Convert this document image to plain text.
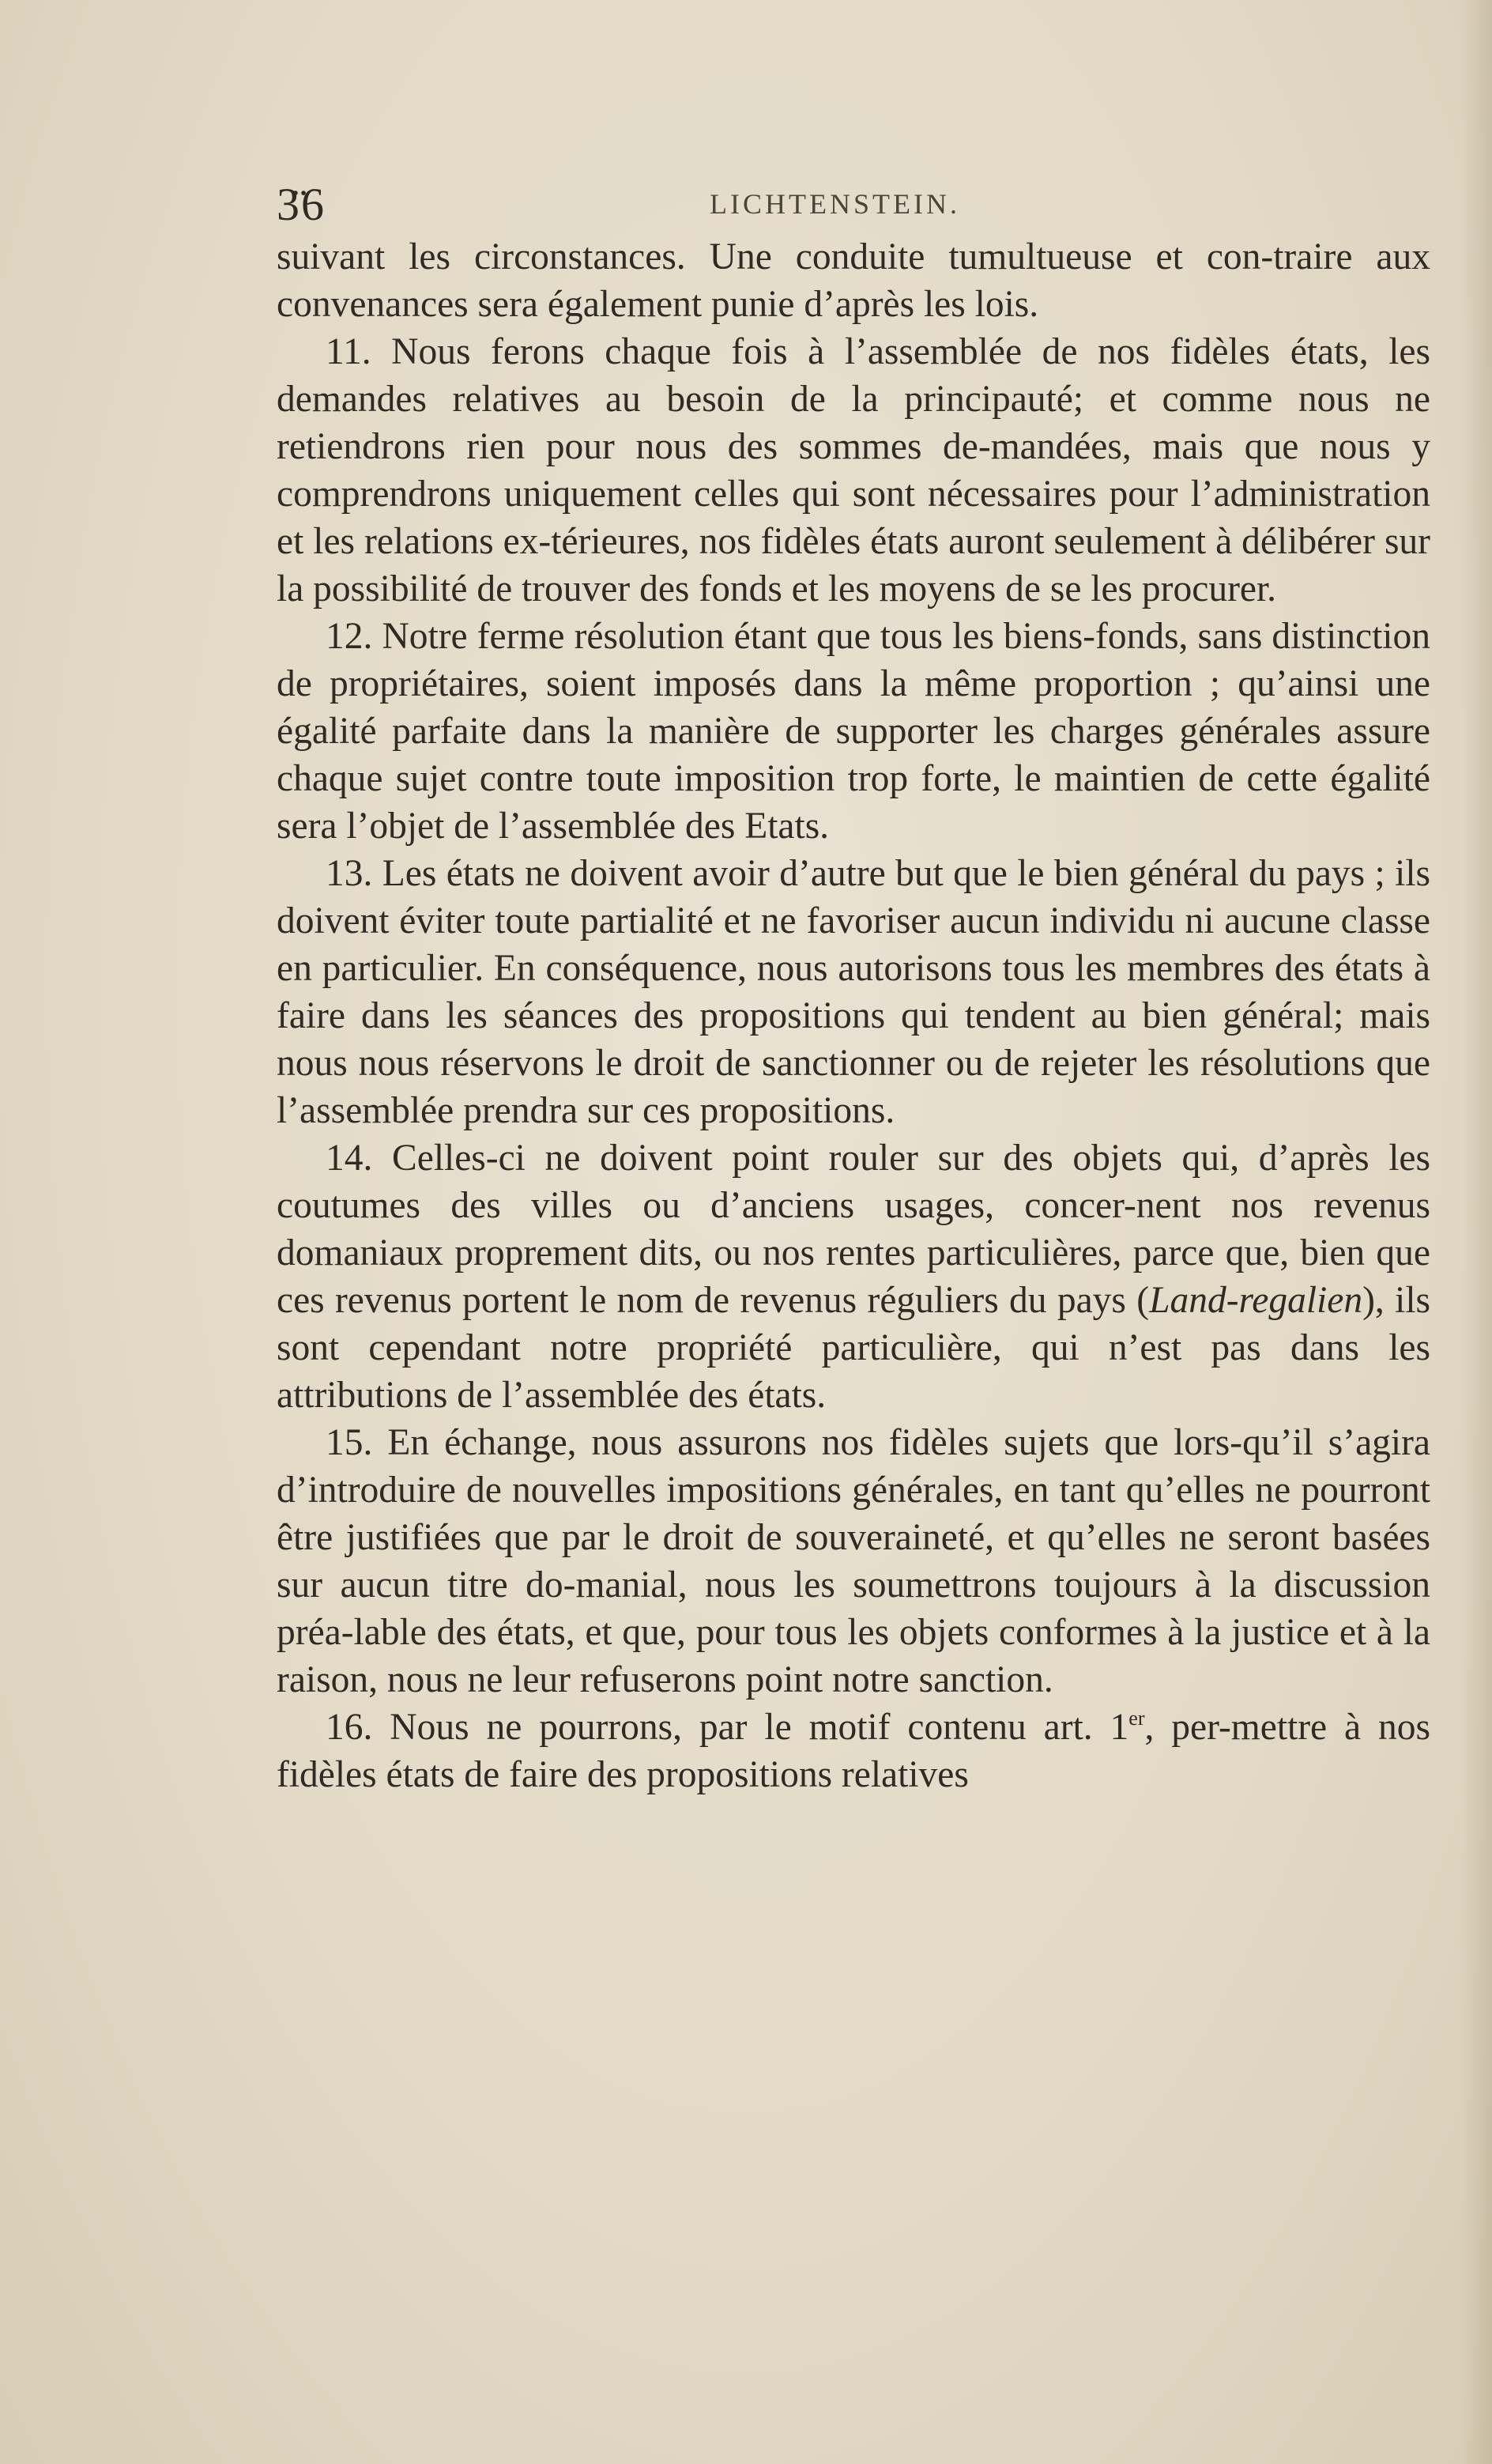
3̈6	LICHTENSTEIN.

suivant les circonstances. Une conduite tumultueuse et con-traire aux convenances sera également punie d’après les lois.

11. Nous ferons chaque fois à l’assemblée de nos fidèles états, les demandes relatives au besoin de la principauté; et comme nous ne retiendrons rien pour nous des sommes de-mandées, mais que nous y comprendrons uniquement celles qui sont nécessaires pour l’administration et les relations ex-térieures, nos fidèles états auront seulement à délibérer sur la possibilité de trouver des fonds et les moyens de se les procurer.

12. Notre ferme résolution étant que tous les biens-fonds, sans distinction de propriétaires, soient imposés dans la même proportion ; qu’ainsi une égalité parfaite dans la manière de supporter les charges générales assure chaque sujet contre toute imposition trop forte, le maintien de cette égalité sera l’objet de l’assemblée des Etats.

13. Les états ne doivent avoir d’autre but que le bien général du pays ; ils doivent éviter toute partialité et ne favoriser aucun individu ni aucune classe en particulier. En conséquence, nous autorisons tous les membres des états à faire dans les séances des propositions qui tendent au bien général; mais nous nous réservons le droit de sanctionner ou de rejeter les résolutions que l’assemblée prendra sur ces propositions.

14. Celles-ci ne doivent point rouler sur des objets qui, d’après les coutumes des villes ou d’anciens usages, concer-nent nos revenus domaniaux proprement dits, ou nos rentes particulières, parce que, bien que ces revenus portent le nom de revenus réguliers du pays (Land-regalien), ils sont cependant notre propriété particulière, qui n’est pas dans les attributions de l’assemblée des états.

15. En échange, nous assurons nos fidèles sujets que lors-qu’il s’agira d’introduire de nouvelles impositions générales, en tant qu’elles ne pourront être justifiées que par le droit de souveraineté, et qu’elles ne seront basées sur aucun titre do-manial, nous les soumettrons toujours à la discussion préa-lable des états, et que, pour tous les objets conformes à la justice et à la raison, nous ne leur refuserons point notre sanction.

16. Nous ne pourrons, par le motif contenu art. 1er, per-mettre à nos fidèles états de faire des propositions relatives
